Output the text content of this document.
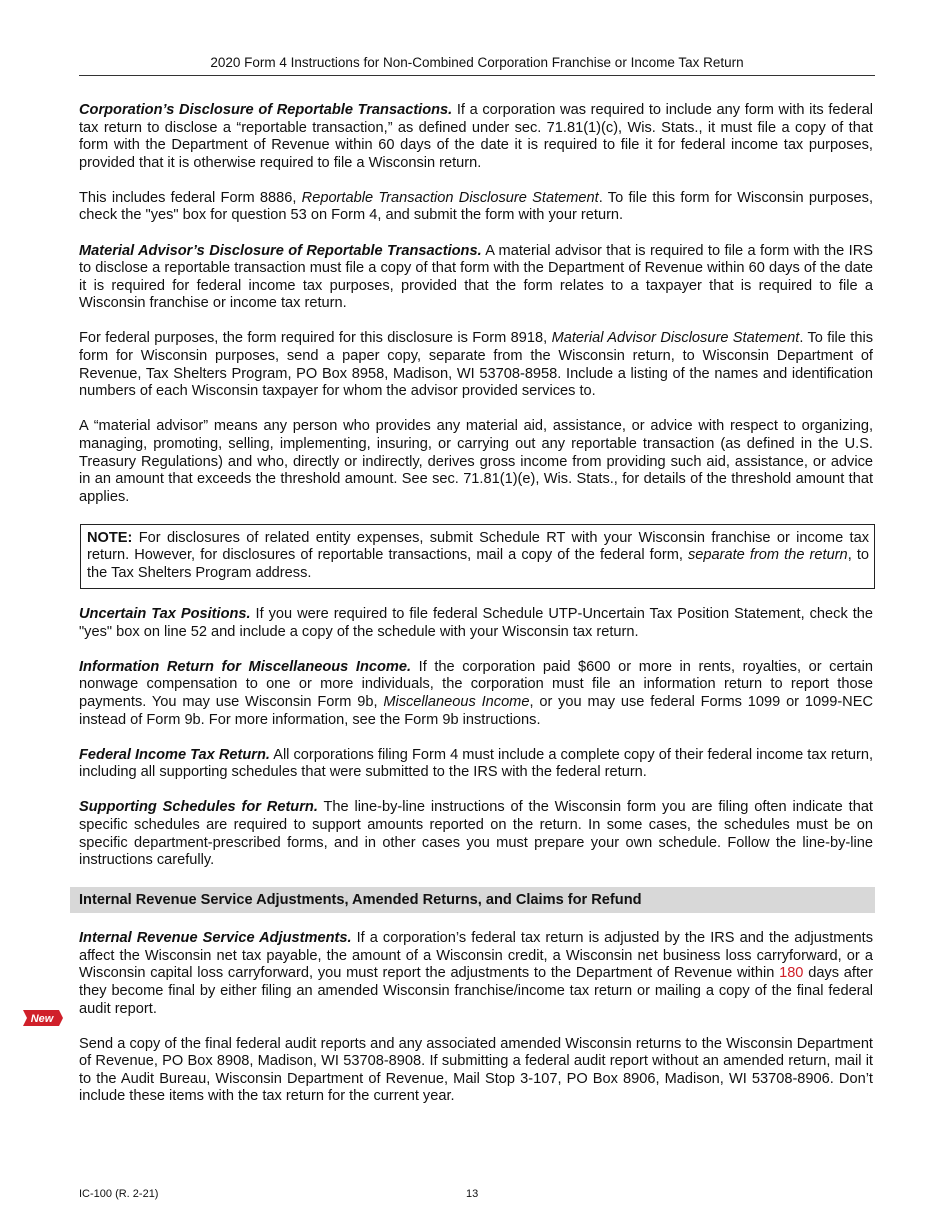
2020 Form 4 Instructions for Non-Combined Corporation Franchise or Income Tax Return

Corporation’s Disclosure of Reportable Transactions. If a corporation was required to include any form with its federal tax return to disclose a “reportable transaction,” as defined under sec. 71.81(1)(c), Wis. Stats., it must file a copy of that form with the Department of Revenue within 60 days of the date it is required to file it for federal income tax purposes, provided that it is otherwise required to file a Wisconsin return.

This includes federal Form 8886, Reportable Transaction Disclosure Statement. To file this form for Wisconsin purposes, check the "yes" box for question 53 on Form 4, and submit the form with your return.

Material Advisor’s Disclosure of Reportable Transactions. A material advisor that is required to file a form with the IRS to disclose a reportable transaction must file a copy of that form with the Department of Revenue within 60 days of the date it is required for federal income tax purposes, provided that the form relates to a taxpayer that is required to file a Wisconsin franchise or income tax return.

For federal purposes, the form required for this disclosure is Form 8918, Material Advisor Disclosure Statement. To file this form for Wisconsin purposes, send a paper copy, separate from the Wisconsin return, to Wisconsin Department of Revenue, Tax Shelters Program, PO Box 8958, Madison, WI 53708-8958. Include a listing of the names and identification numbers of each Wisconsin taxpayer for whom the advisor provided services to.

A “material advisor” means any person who provides any material aid, assistance, or advice with respect to organizing, managing, promoting, selling, implementing, insuring, or carrying out any reportable transaction (as defined in the U.S. Treasury Regulations) and who, directly or indirectly, derives gross income from providing such aid, assistance, or advice in an amount that exceeds the threshold amount. See sec. 71.81(1)(e), Wis. Stats., for details of the threshold amount that applies.

NOTE: For disclosures of related entity expenses, submit Schedule RT with your Wisconsin franchise or income tax return. However, for disclosures of reportable transactions, mail a copy of the federal form, separate from the return, to the Tax Shelters Program address.

Uncertain Tax Positions. If you were required to file federal Schedule UTP-Uncertain Tax Position Statement, check the "yes" box on line 52 and include a copy of the schedule with your Wisconsin tax return.

Information Return for Miscellaneous Income. If the corporation paid $600 or more in rents, royalties, or certain nonwage compensation to one or more individuals, the corporation must file an information return to report those payments. You may use Wisconsin Form 9b, Miscellaneous Income, or you may use federal Forms 1099 or 1099-NEC instead of Form 9b. For more information, see the Form 9b instructions.

Federal Income Tax Return. All corporations filing Form 4 must include a complete copy of their federal income tax return, including all supporting schedules that were submitted to the IRS with the federal return.

Supporting Schedules for Return. The line-by-line instructions of the Wisconsin form you are filing often indicate that specific schedules are required to support amounts reported on the return. In some cases, the schedules must be on specific department-prescribed forms, and in other cases you must prepare your own schedule. Follow the line-by-line instructions carefully.

Internal Revenue Service Adjustments, Amended Returns, and Claims for Refund

Internal Revenue Service Adjustments. If a corporation’s federal tax return is adjusted by the IRS and the adjustments affect the Wisconsin net tax payable, the amount of a Wisconsin credit, a Wisconsin net business loss carryforward, or a Wisconsin capital loss carryforward, you must report the adjustments to the Department of Revenue within 180 days after they become final by either filing an amended Wisconsin franchise/income tax return or mailing a copy of the final federal audit report.

Send a copy of the final federal audit reports and any associated amended Wisconsin returns to the Wisconsin Department of Revenue, PO Box 8908, Madison, WI 53708-8908. If submitting a federal audit report without an amended return, mail it to the Audit Bureau, Wisconsin Department of Revenue, Mail Stop 3-107, PO Box 8906, Madison, WI 53708-8906. Don’t include these items with the tax return for the current year.

New
IC-100 (R. 2-21)	13
